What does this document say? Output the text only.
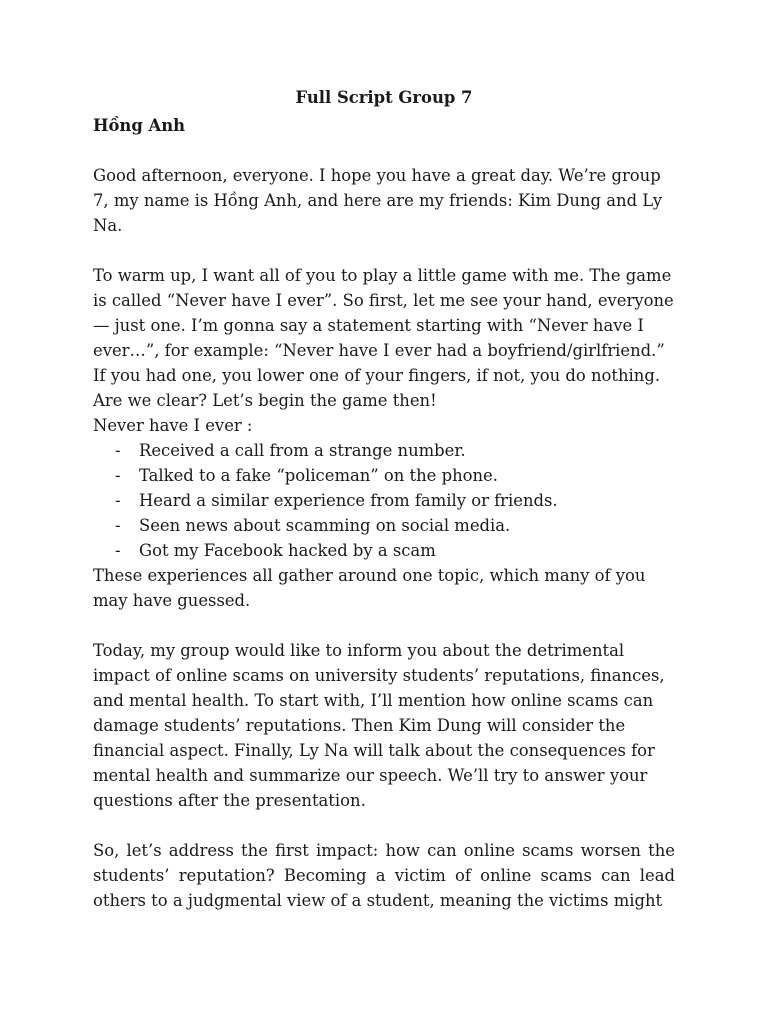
Full Script Group 7

Hồng Anh

Good afternoon, everyone. I hope you have a great day. We’re group 7, my name is Hồng Anh, and here are my friends: Kim Dung and Ly Na.

To warm up, I want all of you to play a little game with me. The game is called “Never have I ever”. So first, let me see your hand, everyone— just one. I’m gonna say a statement starting with “Never have I ever…”, for example: “Never have I ever had a boyfriend/girlfriend.” If you had one, you lower one of your fingers, if not, you do nothing. Are we clear? Let’s begin the game then!

Never have I ever :

- Received a call from a strange number.
- Talked to a fake “policeman” on the phone.
- Heard a similar experience from family or friends.
- Seen news about scamming on social media.
- Got my Facebook hacked by a scam

These experiences all gather around one topic, which many of you may have guessed.

Today, my group would like to inform you about the detrimental impact of online scams on university students’ reputations, finances, and mental health. To start with, I’ll mention how online scams can damage students’ reputations. Then Kim Dung will consider the financial aspect. Finally, Ly Na will talk about the consequences for mental health and summarize our speech. We’ll try to answer your questions after the presentation.

So, let’s address the first impact: how can online scams worsen the students’ reputation? Becoming a victim of online scams can lead others to a judgmental view of a student, meaning the victims might
